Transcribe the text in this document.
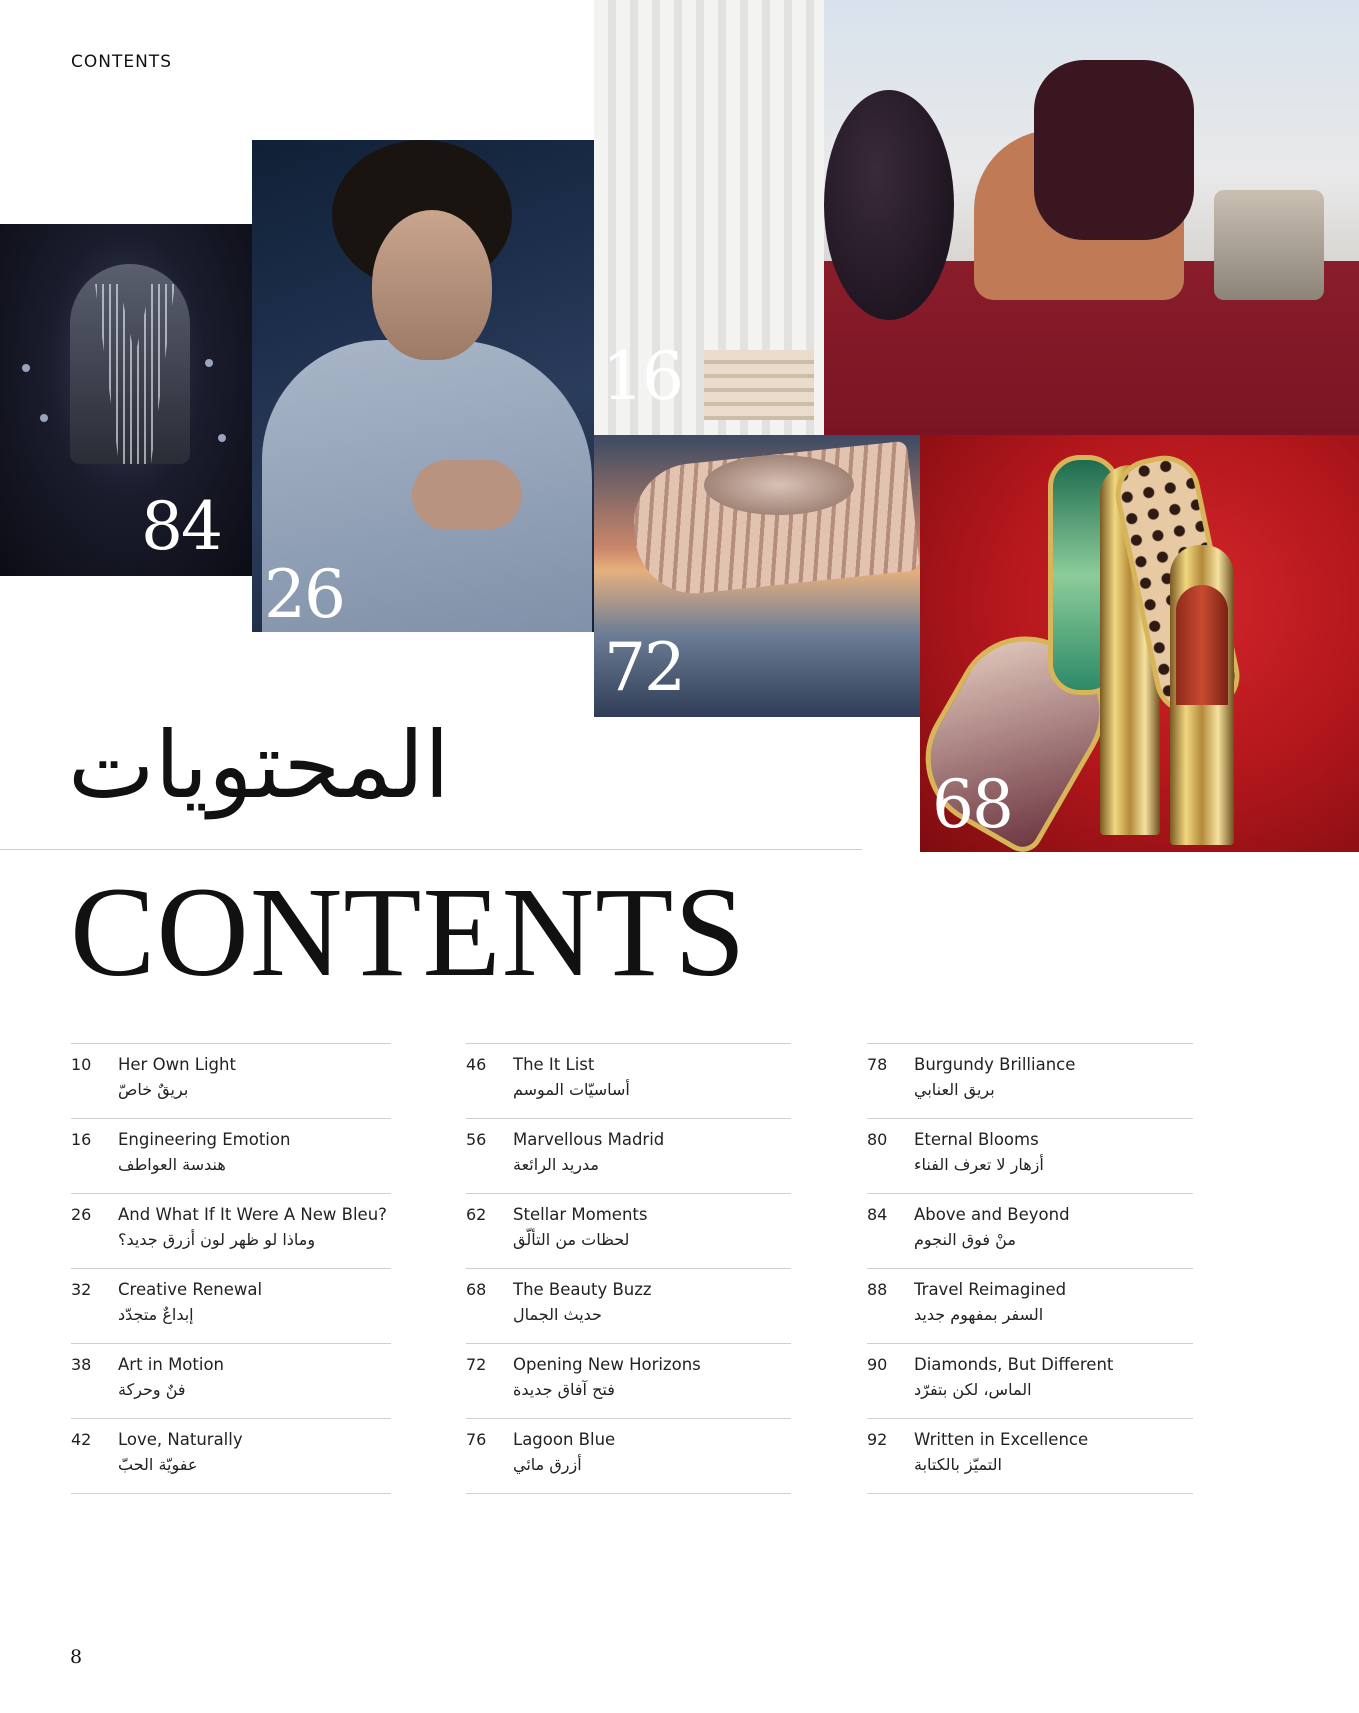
CONTENTS
84
26
16
72
68
المحتويات
CONTENTS
10 Her Own Light
بريقٌ خاصّ
16 Engineering Emotion
هندسة العواطف
26 And What If It Were A New Bleu?
وماذا لو ظهر لون أزرق جديد؟
32 Creative Renewal
إبداعٌ متجدّد
38 Art in Motion
فنٌ وحركة
42 Love, Naturally
عفويّة الحبّ
46 The It List
أساسيّات الموسم
56 Marvellous Madrid
مدريد الرائعة
62 Stellar Moments
لحظات من التألّق
68 The Beauty Buzz
حديث الجمال
72 Opening New Horizons
فتح آفاق جديدة
76 Lagoon Blue
أزرق مائي
78 Burgundy Brilliance
بريق العنابي
80 Eternal Blooms
أزهار لا تعرف الفناء
84 Above and Beyond
منْ فوق النجوم
88 Travel Reimagined
السفر بمفهوم جديد
90 Diamonds, But Different
الماس، لكن بتفرّد
92 Written in Excellence
التميّز بالكتابة
8
